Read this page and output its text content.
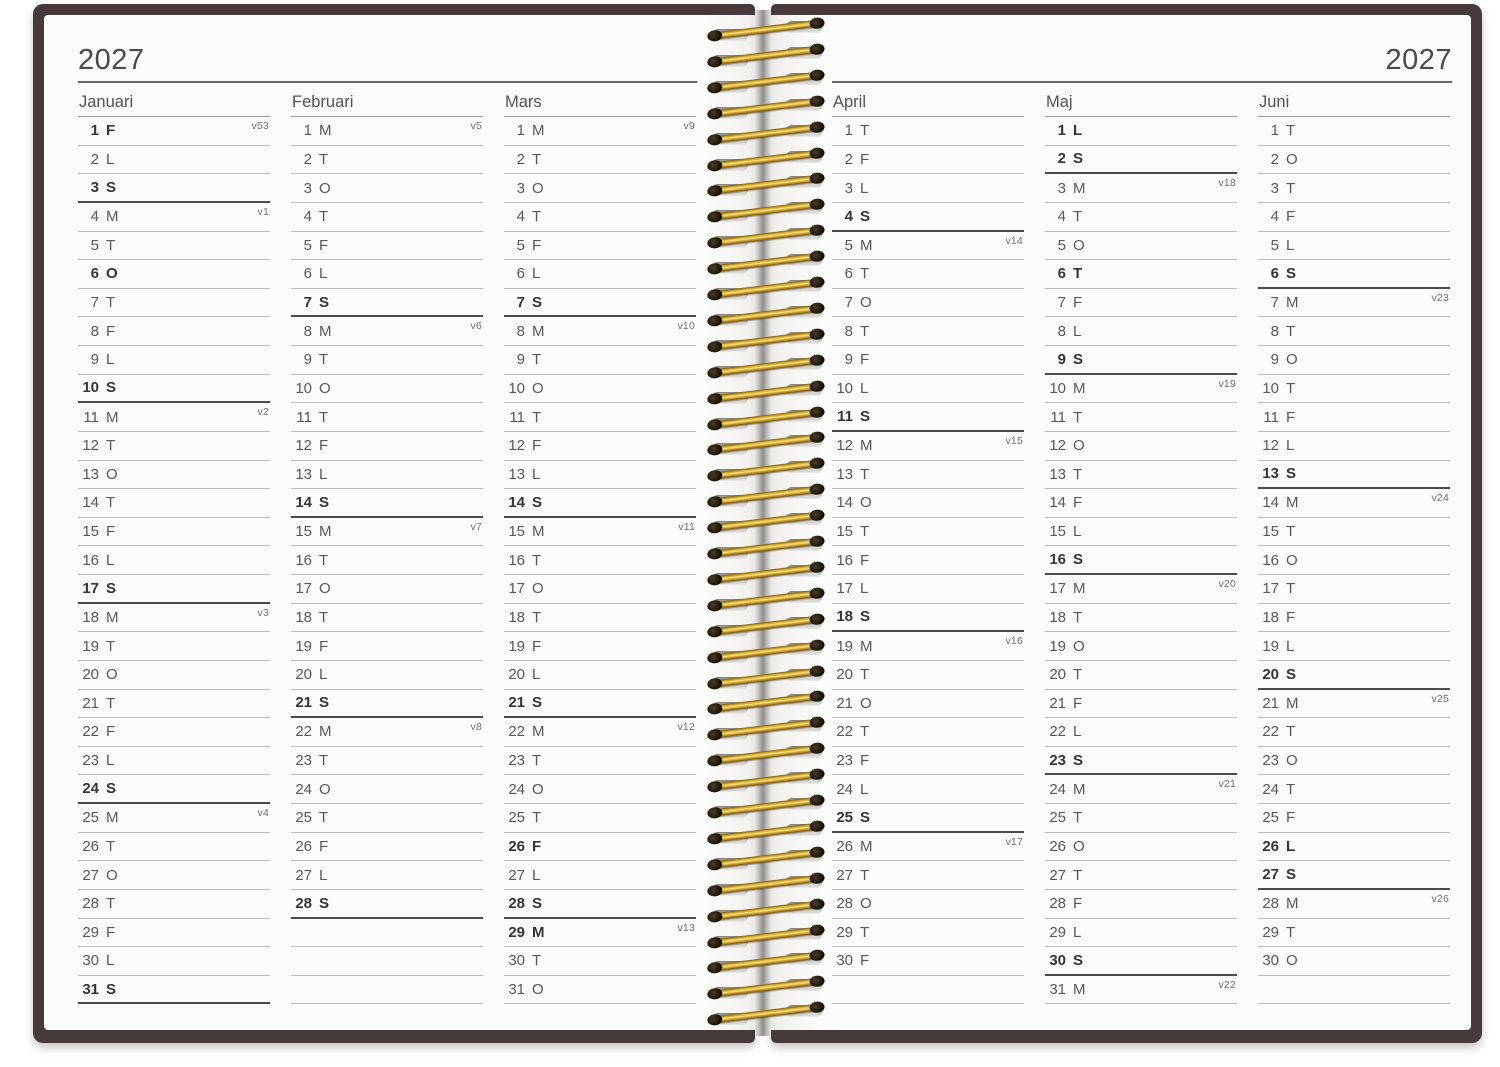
2027
Januari
1 F	v53
2 L
3 S
4 M	v1
5 T
6 O
7 T
8 F
9 L
10 S
11 M	v2
12 T
13 O
14 T
15 F
16 L
17 S
18 M	v3
19 T
20 O
21 T
22 F
23 L
24 S
25 M	v4
26 T
27 O
28 T
29 F
30 L
31 S
Februari
1 M	v5
2 T
3 O
4 T
5 F
6 L
7 S
8 M	v6
9 T
10 O
11 T
12 F
13 L
14 S
15 M	v7
16 T
17 O
18 T
19 F
20 L
21 S
22 M	v8
23 T
24 O
25 T
26 F
27 L
28 S
Mars
1 M	v9
2 T
3 O
4 T
5 F
6 L
7 S
8 M	v10
9 T
10 O
11 T
12 F
13 L
14 S
15 M	v11
16 T
17 O
18 T
19 F
20 L
21 S
22 M	v12
23 T
24 O
25 T
26 F
27 L
28 S
29 M	v13
30 T
31 O
2027
April
1 T
2 F
3 L
4 S
5 M	v14
6 T
7 O
8 T
9 F
10 L
11 S
12 M	v15
13 T
14 O
15 T
16 F
17 L
18 S
19 M	v16
20 T
21 O
22 T
23 F
24 L
25 S
26 M	v17
27 T
28 O
29 T
30 F
Maj
1 L
2 S
3 M	v18
4 T
5 O
6 T
7 F
8 L
9 S
10 M	v19
11 T
12 O
13 T
14 F
15 L
16 S
17 M	v20
18 T
19 O
20 T
21 F
22 L
23 S
24 M	v21
25 T
26 O
27 T
28 F
29 L
30 S
31 M	v22
Juni
1 T
2 O
3 T
4 F
5 L
6 S
7 M	v23
8 T
9 O
10 T
11 F
12 L
13 S
14 M	v24
15 T
16 O
17 T
18 F
19 L
20 S
21 M	v25
22 T
23 O
24 T
25 F
26 L
27 S
28 M	v26
29 T
30 O
